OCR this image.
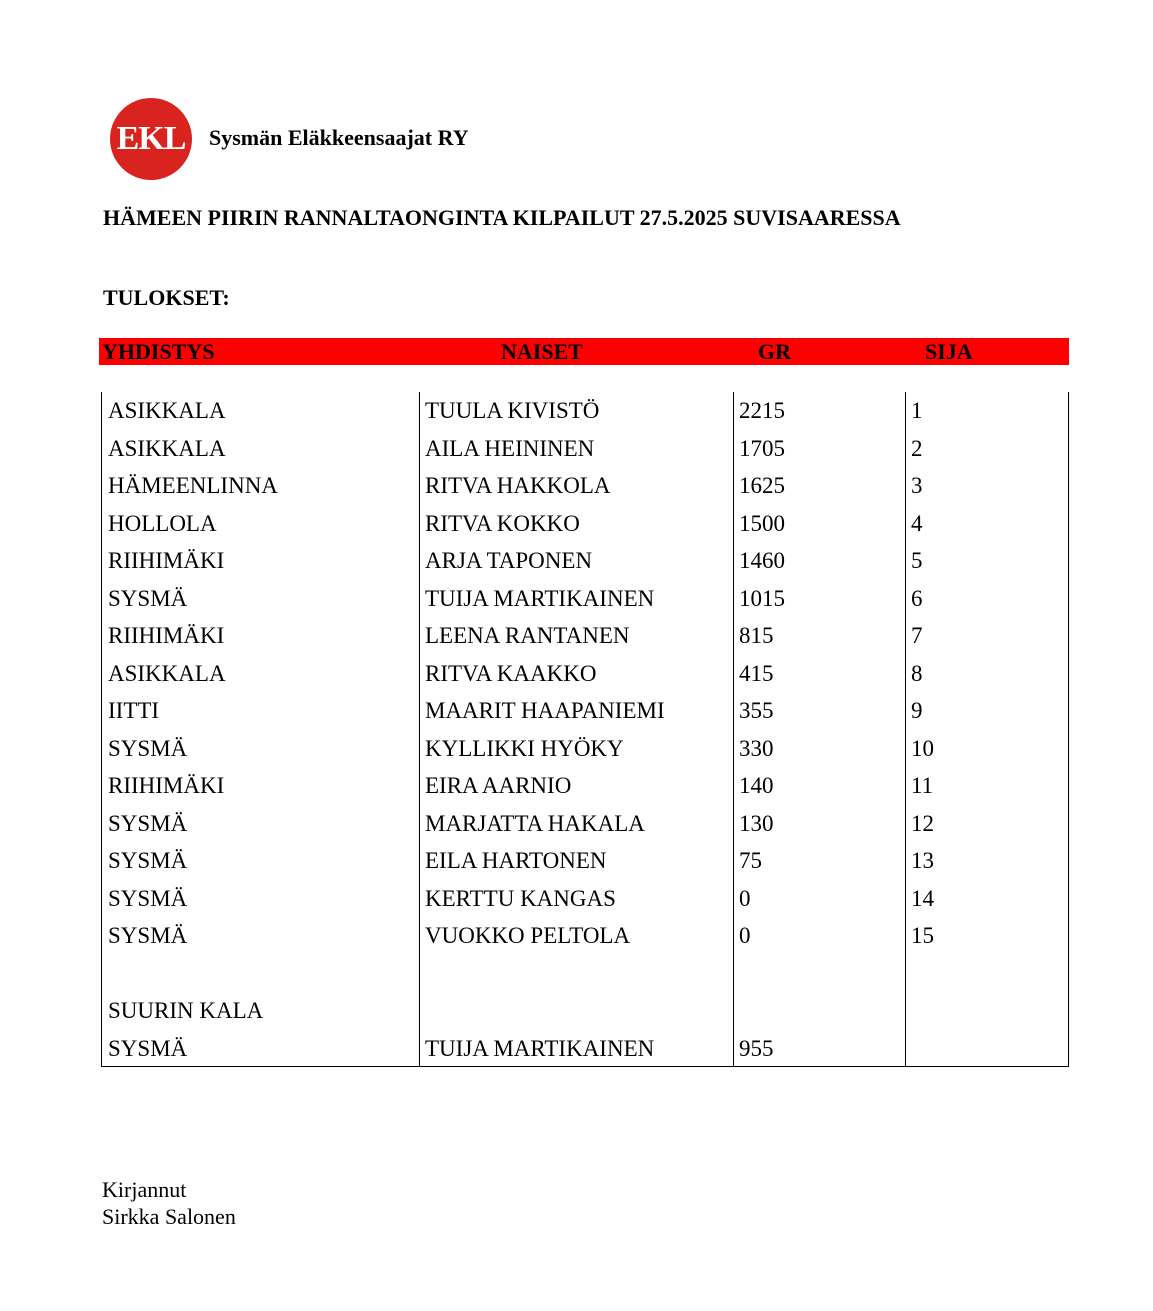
EKL Sysmän Eläkkeensaajat RY
HÄMEEN PIIRIN RANNALTAONGINTA KILPAILUT 27.5.2025 SUVISAARESSA
TULOKSET:
YHDISTYS	NAISET	GR	SIJA
ASIKKALA	TUULA KIVISTÖ	2215	1
ASIKKALA	AILA HEININEN	1705	2
HÄMEENLINNA	RITVA HAKKOLA	1625	3
HOLLOLA	RITVA KOKKO	1500	4
RIIHIMÄKI	ARJA TAPONEN	1460	5
SYSMÄ	TUIJA MARTIKAINEN	1015	6
RIIHIMÄKI	LEENA RANTANEN	815	7
ASIKKALA	RITVA KAAKKO	415	8
IITTI	MAARIT HAAPANIEMI	355	9
SYSMÄ	KYLLIKKI HYÖKY	330	10
RIIHIMÄKI	EIRA AARNIO	140	11
SYSMÄ	MARJATTA HAKALA	130	12
SYSMÄ	EILA HARTONEN	75	13
SYSMÄ	KERTTU KANGAS	0	14
SYSMÄ	VUOKKO PELTOLA	0	15
SUURIN KALA
SYSMÄ	TUIJA MARTIKAINEN	955
Kirjannut
Sirkka Salonen
